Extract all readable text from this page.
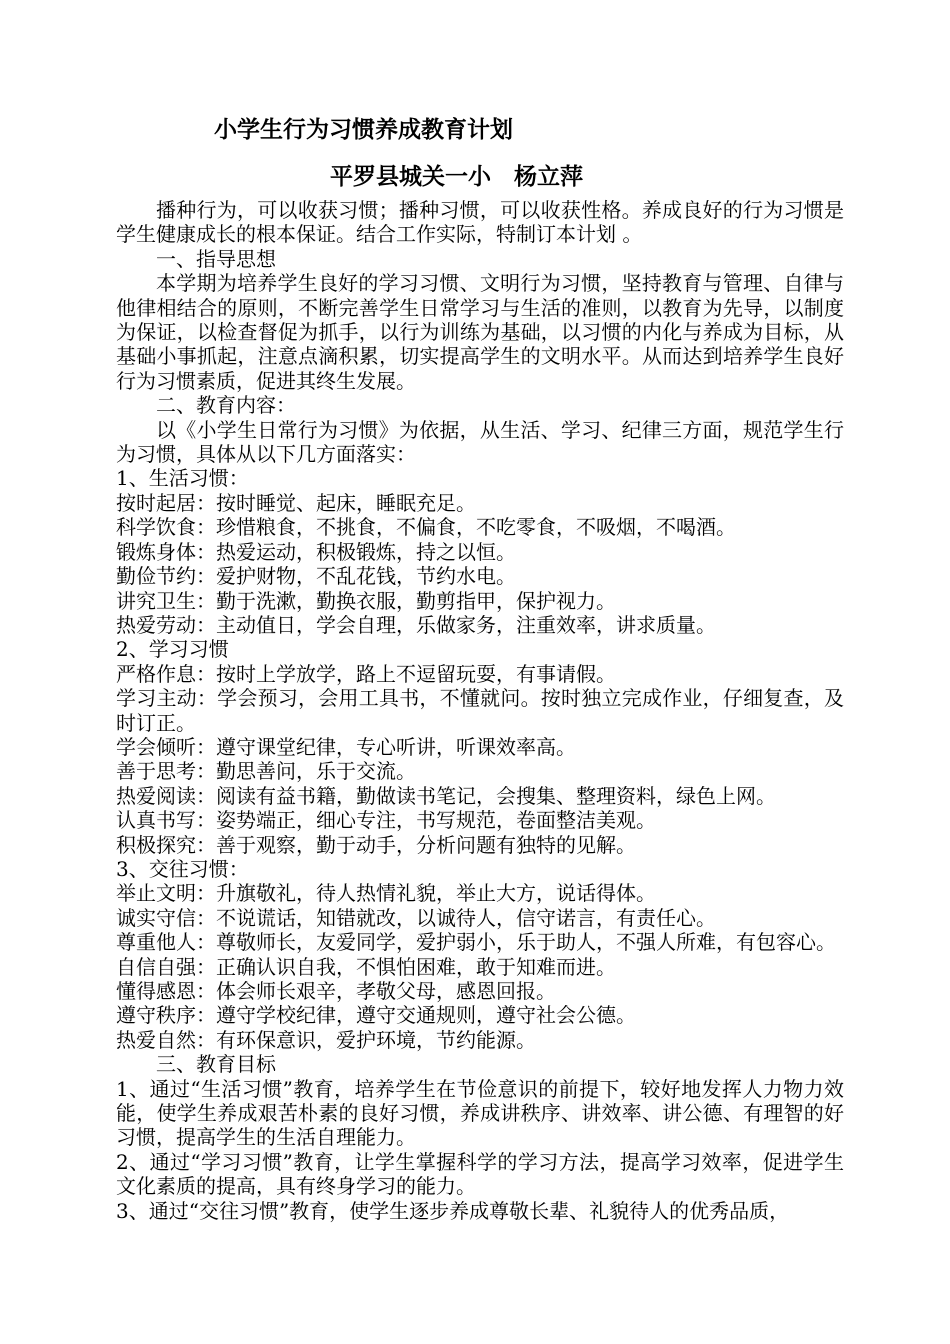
小学生行为习惯养成教育计划
平罗县城关一小　杨立萍

播种行为，可以收获习惯；播种习惯，可以收获性格。养成良好的行为习惯是学生健康成长的根本保证。结合工作实际，特制订本计划 。

一、指导思想

本学期为培养学生良好的学习习惯、文明行为习惯，坚持教育与管理、自律与他律相结合的原则，不断完善学生日常学习与生活的准则，以教育为先导，以制度为保证，以检查督促为抓手，以行为训练为基础，以习惯的内化与养成为目标，从基础小事抓起，注意点滴积累，切实提高学生的文明水平。从而达到培养学生良好行为习惯素质，促进其终生发展。

二、教育内容：

以《小学生日常行为习惯》为依据，从生活、学习、纪律三方面，规范学生行为习惯，具体从以下几方面落实：

1、生活习惯：

按时起居：按时睡觉、起床，睡眠充足。

科学饮食：珍惜粮食，不挑食，不偏食，不吃零食，不吸烟，不喝酒。

锻炼身体：热爱运动，积极锻炼，持之以恒。

勤俭节约：爱护财物，不乱花钱，节约水电。

讲究卫生：勤于洗漱，勤换衣服，勤剪指甲，保护视力。

热爱劳动：主动值日，学会自理，乐做家务，注重效率，讲求质量。

2、学习习惯

严格作息：按时上学放学，路上不逗留玩耍，有事请假。

学习主动：学会预习，会用工具书，不懂就问。按时独立完成作业，仔细复查，及时订正。

学会倾听：遵守课堂纪律，专心听讲，听课效率高。

善于思考：勤思善问，乐于交流。

热爱阅读：阅读有益书籍，勤做读书笔记，会搜集、整理资料，绿色上网。

认真书写：姿势端正，细心专注，书写规范，卷面整洁美观。

积极探究：善于观察，勤于动手，分析问题有独特的见解。

3、交往习惯：

举止文明：升旗敬礼，待人热情礼貌，举止大方，说话得体。

诚实守信：不说谎话，知错就改，以诚待人，信守诺言，有责任心。

尊重他人：尊敬师长，友爱同学，爱护弱小，乐于助人，不强人所难，有包容心。

自信自强：正确认识自我，不惧怕困难，敢于知难而进。

懂得感恩：体会师长艰辛，孝敬父母，感恩回报。

遵守秩序：遵守学校纪律，遵守交通规则，遵守社会公德。

热爱自然：有环保意识，爱护环境，节约能源。

三、教育目标

1、通过“生活习惯”教育，培养学生在节俭意识的前提下，较好地发挥人力物力效能，使学生养成艰苦朴素的良好习惯，养成讲秩序、讲效率、讲公德、有理智的好习惯，提高学生的生活自理能力。

2、通过“学习习惯”教育，让学生掌握科学的学习方法，提高学习效率，促进学生文化素质的提高，具有终身学习的能力。

3、通过“交往习惯”教育，使学生逐步养成尊敬长辈、礼貌待人的优秀品质，
